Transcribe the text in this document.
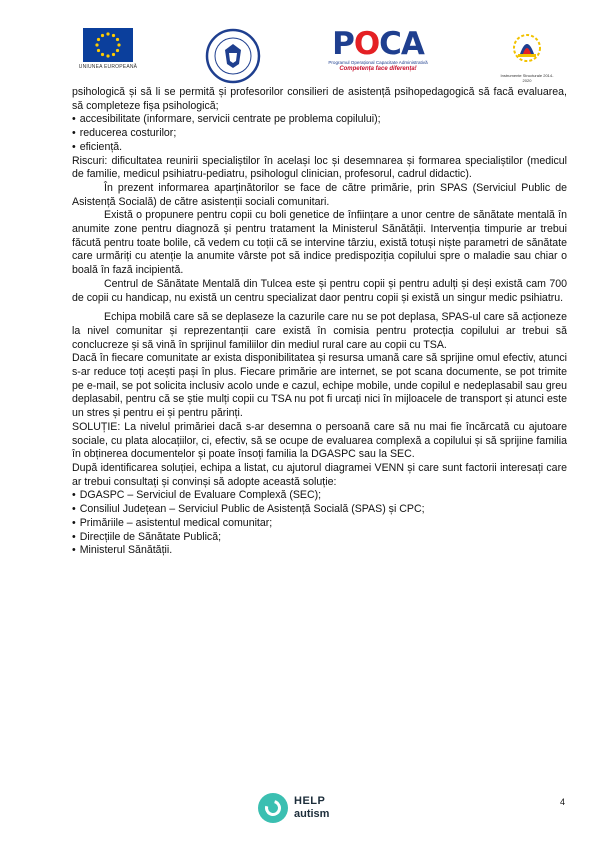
UNIUNEA EUROPEANĂ
POCA
Programul Operațional Capacitate Administrativă
Competența face diferența!
Instrumente Structurale 2014-2020

psihologică și să li se permită și profesorilor consilieri de asistență psihopedagogică să facă evaluarea, să completeze fișa psihologică;

• accesibilitate (informare, servicii centrate pe problema copilului);

• reducerea costurilor;

• eficiență.

Riscuri: dificultatea reunirii specialiștilor în același loc și desemnarea și formarea specialiștilor (medicul de familie, medicul psihiatru-pediatru, psihologul clinician, profesorul, cadrul didactic).

În prezent informarea aparținătorilor se face de către primărie, prin SPAS (Serviciul Public de Asistență Socială) de către asistenții sociali comunitari.

Există o propunere pentru copii cu boli genetice de înființare a unor centre de sănătate mentală în anumite zone pentru diagnoză și pentru tratament la Ministerul Sănătății. Intervenția timpurie ar trebui făcută pentru toate bolile, că vedem cu toții că se intervine târziu, există totuși niște parametri de sănătate care urmăriți cu atenție la anumite vârste pot să indice predispoziția copilului spre o maladie sau chiar o boală în fază incipientă.

Centrul de Sănătate Mentală din Tulcea este și pentru copii și pentru adulți și deși există cam 700 de copii cu handicap, nu există un centru specializat daor pentru copii și există un singur medic psihiatru.

Echipa mobilă care să se deplaseze la cazurile care nu se pot deplasa, SPAS-ul care să acționeze la nivel comunitar și reprezentanții care există în comisia pentru protecția copilului ar trebui să conclucreze și să vină în sprijinul familiilor din mediul rural care au copii cu TSA.

Dacă în fiecare comunitate ar exista disponibilitatea și resursa umană care să sprijine omul efectiv, atunci s-ar reduce toți acești pași în plus. Fiecare primărie are internet, se pot scana documente, se pot trimite pe e-mail, se pot solicita inclusiv acolo unde e cazul, echipe mobile, unde copilul e nedeplasabil sau greu deplasabil, pentru că se știe mulți copii cu TSA nu pot fi urcați nici în mijloacele de transport și atunci este un stres și pentru ei și pentru părinți.

SOLUȚIE: La nivelul primăriei dacă s-ar desemna o persoană care să nu mai fie încărcată cu ajutoare sociale, cu plata alocațiilor, ci, efectiv, să se ocupe de evaluarea complexă a copilului și să sprijine familia în obținerea documentelor și poate însoți familia la DGASPC sau la SEC.

După identificarea soluției, echipa a listat, cu ajutorul diagramei VENN și care sunt factorii interesați care ar trebui consultați și convinși să adopte această soluție:

• DGASPC – Serviciul de Evaluare Complexă (SEC);

• Consiliul Județean – Serviciul Public de Asistență Socială (SPAS) și CPC;

• Primăriile – asistentul medical comunitar;

• Direcțiile de Sănătate Publică;

• Ministerul Sănătății.

HELP
autism
4
